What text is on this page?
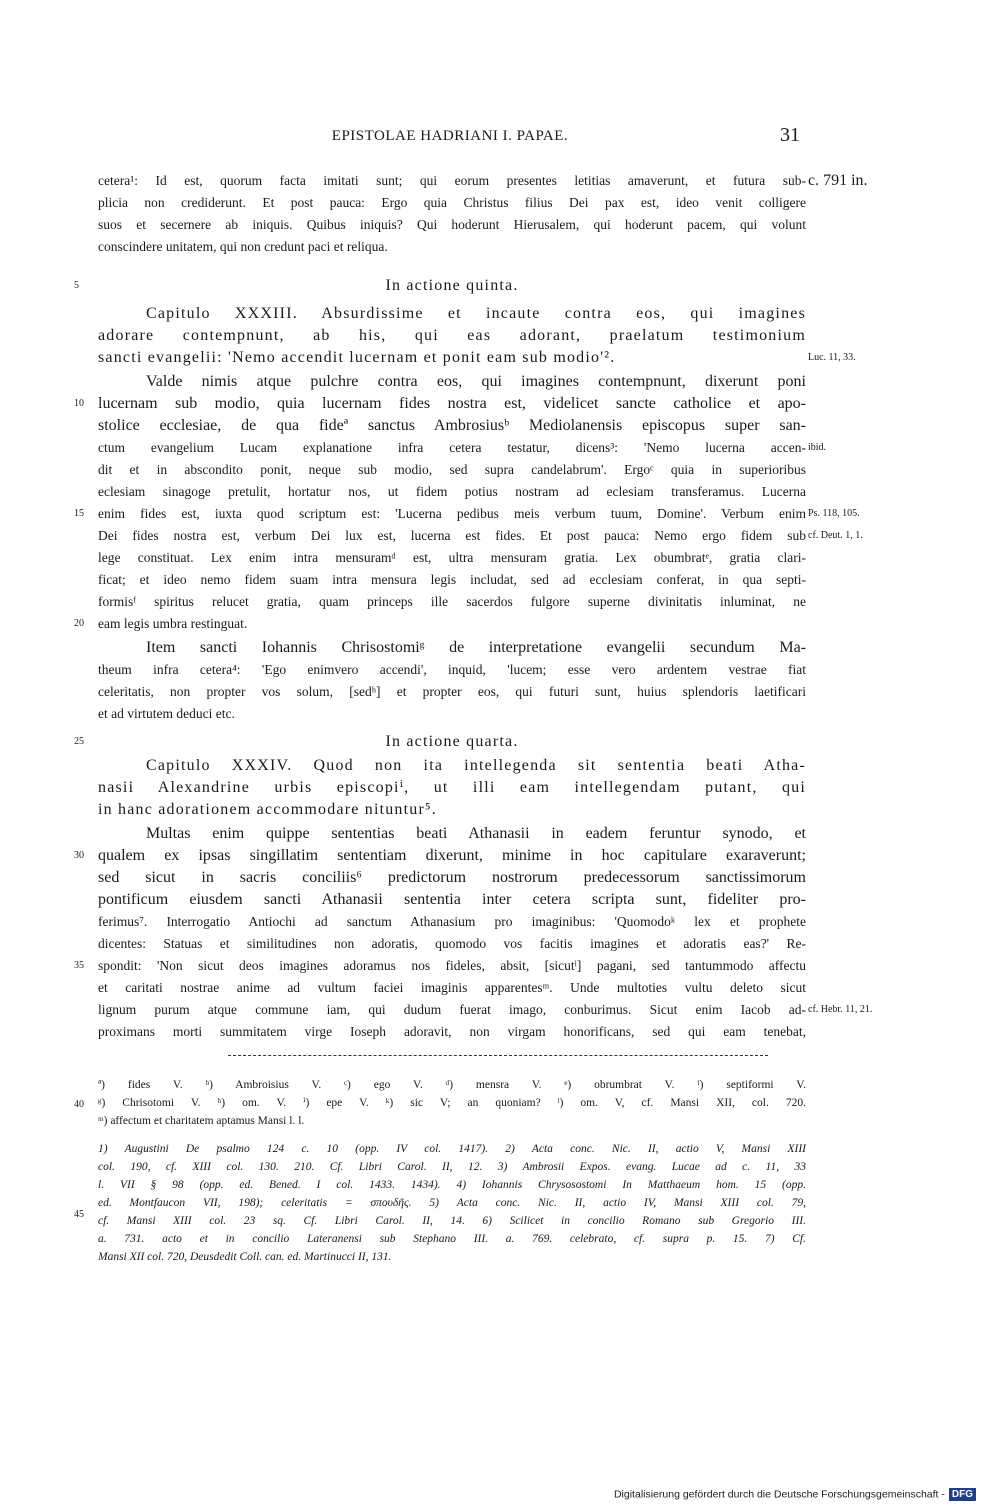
EPISTOLAE HADRIANI I. PAPAE.	31
cetera¹: Id est, quorum facta imitati sunt; qui eorum presentes letitias amaverunt, et futura sub-
plicia non crediderunt. Et post pauca: Ergo quia Christus filius Dei pax est, ideo venit colligere
suos et secernere ab iniquis. Quibus iniquis? Qui hoderunt Hierusalem, qui hoderunt pacem, qui volunt
conscindere unitatem, qui non credunt paci et reliqua.
In actione quinta.
Capitulo XXXIII. Absurdissime et incaute contra eos, qui imagines
adorare contempnunt, ab his, qui eas adorant, praelatum testimonium
sancti evangelii: 'Nemo accendit lucernam et ponit eam sub modio'².
Valde nimis atque pulchre contra eos, qui imagines contempnunt, dixerunt poni
lucernam sub modio, quia lucernam fides nostra est, videlicet sancte catholice et apo-
stolice ecclesiae, de qua fideª sanctus Ambrosiusᵇ Mediolanensis episcopus super san-
ctum evangelium Lucam explanatione infra cetera testatur, dicens³: 'Nemo lucerna accen-
dit et in abscondito ponit, neque sub modio, sed supra candelabrum'. Ergoᶜ quia in superioribus
eclesiam sinagoge pretulit, hortatur nos, ut fidem potius nostram ad eclesiam transferamus. Lucerna
enim fides est, iuxta quod scriptum est: 'Lucerna pedibus meis verbum tuum, Domine'. Verbum enim
Dei fides nostra est, verbum Dei lux est, lucerna est fides. Et post pauca: Nemo ergo fidem sub
lege constituat. Lex enim intra mensuramᵈ est, ultra mensuram gratia. Lex obumbratᵉ, gratia clari-
ficat; et ideo nemo fidem suam intra mensura legis includat, sed ad ecclesiam conferat, in qua septi-
formisᶠ spiritus relucet gratia, quam princeps ille sacerdos fulgore superne divinitatis inluminat, ne
eam legis umbra restinguat.
Item sancti Iohannis Chrisostomiᵍ de interpretatione evangelii secundum Ma-
theum infra cetera⁴: 'Ego enimvero accendi', inquid, 'lucem; esse vero ardentem vestrae fiat
celeritatis, non propter vos solum, [sedʰ] et propter eos, qui futuri sunt, huius splendoris laetificari
et ad virtutem deduci etc.
In actione quarta.
Capitulo XXXIV. Quod non ita intellegenda sit sententia beati Atha-
nasii Alexandrine urbis episcopiⁱ, ut illi eam intellegendam putant, qui
in hanc adorationem accommodare nituntur⁵.
Multas enim quippe sententias beati Athanasii in eadem feruntur synodo, et
qualem ex ipsas singillatim sententiam dixerunt, minime in hoc capitulare exaraverunt;
sed sicut in sacris conciliis⁶ predictorum nostrorum predecessorum sanctissimorum
pontificum eiusdem sancti Athanasii sententia inter cetera scripta sunt, fideliter pro-
ferimus⁷. Interrogatio Antiochi ad sanctum Athanasium pro imaginibus: 'Quomodoᵏ lex et prophete
dicentes: Statuas et similitudines non adoratis, quomodo vos facitis imagines et adoratis eas?' Re-
spondit: 'Non sicut deos imagines adoramus nos fideles, absit, [sicutˡ] pagani, sed tantummodo affectu
et caritati nostrae anime ad vultum faciei imaginis apparentesᵐ. Unde multoties vultu deleto sicut
lignum purum atque commune iam, qui dudum fuerat imago, conburimus. Sicut enim Iacob ad-
proximans morti summitatem virge Ioseph adoravit, non virgam honorificans, sed qui eam tenebat,
5
10
15
20
25
30
35
40
45
c. 791 in.
Luc. 11, 33.
ibid.
Ps. 118, 105.
cf. Deut. 1, 1.
cf. Hebr. 11, 21.
ª) fides V. ᵇ) Ambroisius V. ᶜ) ego V. ᵈ) mensra V. ᵉ) obrumbrat V. ᶠ) septiformi V.
ᵍ) Chrisotomi V. ʰ) om. V. ⁱ) epe V. ᵏ) sic V; an quoniam? ˡ) om. V, cf. Mansi XII, col. 720.
ᵐ) affectum et charitatem aptamus Mansi l. l.
1) Augustini De psalmo 124 c. 10 (opp. IV col. 1417). 2) Acta conc. Nic. II, actio V, Mansi XIII
col. 190, cf. XIII col. 130. 210. Cf. Libri Carol. II, 12. 3) Ambrosii Expos. evang. Lucae ad c. 11, 33
l. VII § 98 (opp. ed. Bened. I col. 1433. 1434). 4) Iohannis Chrysosostomi In Matthaeum hom. 15 (opp.
ed. Montfaucon VII, 198); celeritatis = σπουδῆς. 5) Acta conc. Nic. II, actio IV, Mansi XIII col. 79,
cf. Mansi XIII col. 23 sq. Cf. Libri Carol. II, 14. 6) Scilicet in concilio Romano sub Gregorio III.
a. 731. acto et in concilio Lateranensi sub Stephano III. a. 769. celebrato, cf. supra p. 15. 7) Cf.
Mansi XII col. 720, Deusdedit Coll. can. ed. Martinucci II, 131.
Digitalisierung gefördert durch die Deutsche Forschungsgemeinschaft - DFG
